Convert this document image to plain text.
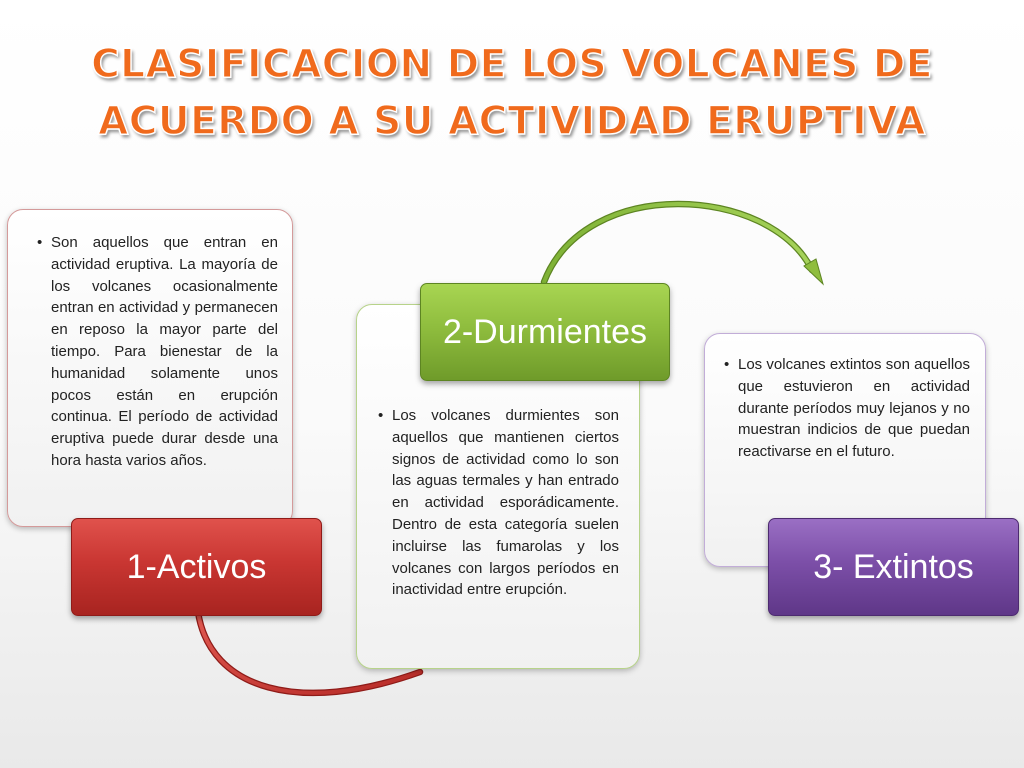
CLASIFICACION DE LOS VOLCANES DE
ACUERDO A SU ACTIVIDAD ERUPTIVA
• Son aquellos que entran en actividad eruptiva. La mayoría de los volcanes ocasionalmente entran en actividad y permanecen en reposo la mayor parte del tiempo. Para bienestar de la humanidad solamente unos pocos están en erupción continua. El período de actividad eruptiva puede durar desde una hora hasta varios años.
• Los volcanes durmientes son aquellos que mantienen ciertos signos de actividad como lo son las aguas termales y han entrado en actividad esporádicamente. Dentro de esta categoría suelen incluirse las fumarolas y los volcanes con largos períodos en inactividad entre erupción.
• Los volcanes extintos son aquellos que estuvieron en actividad durante períodos muy lejanos y no muestran indicios de que puedan reactivarse en el futuro.
1-Activos
2-Durmientes
3- Extintos
